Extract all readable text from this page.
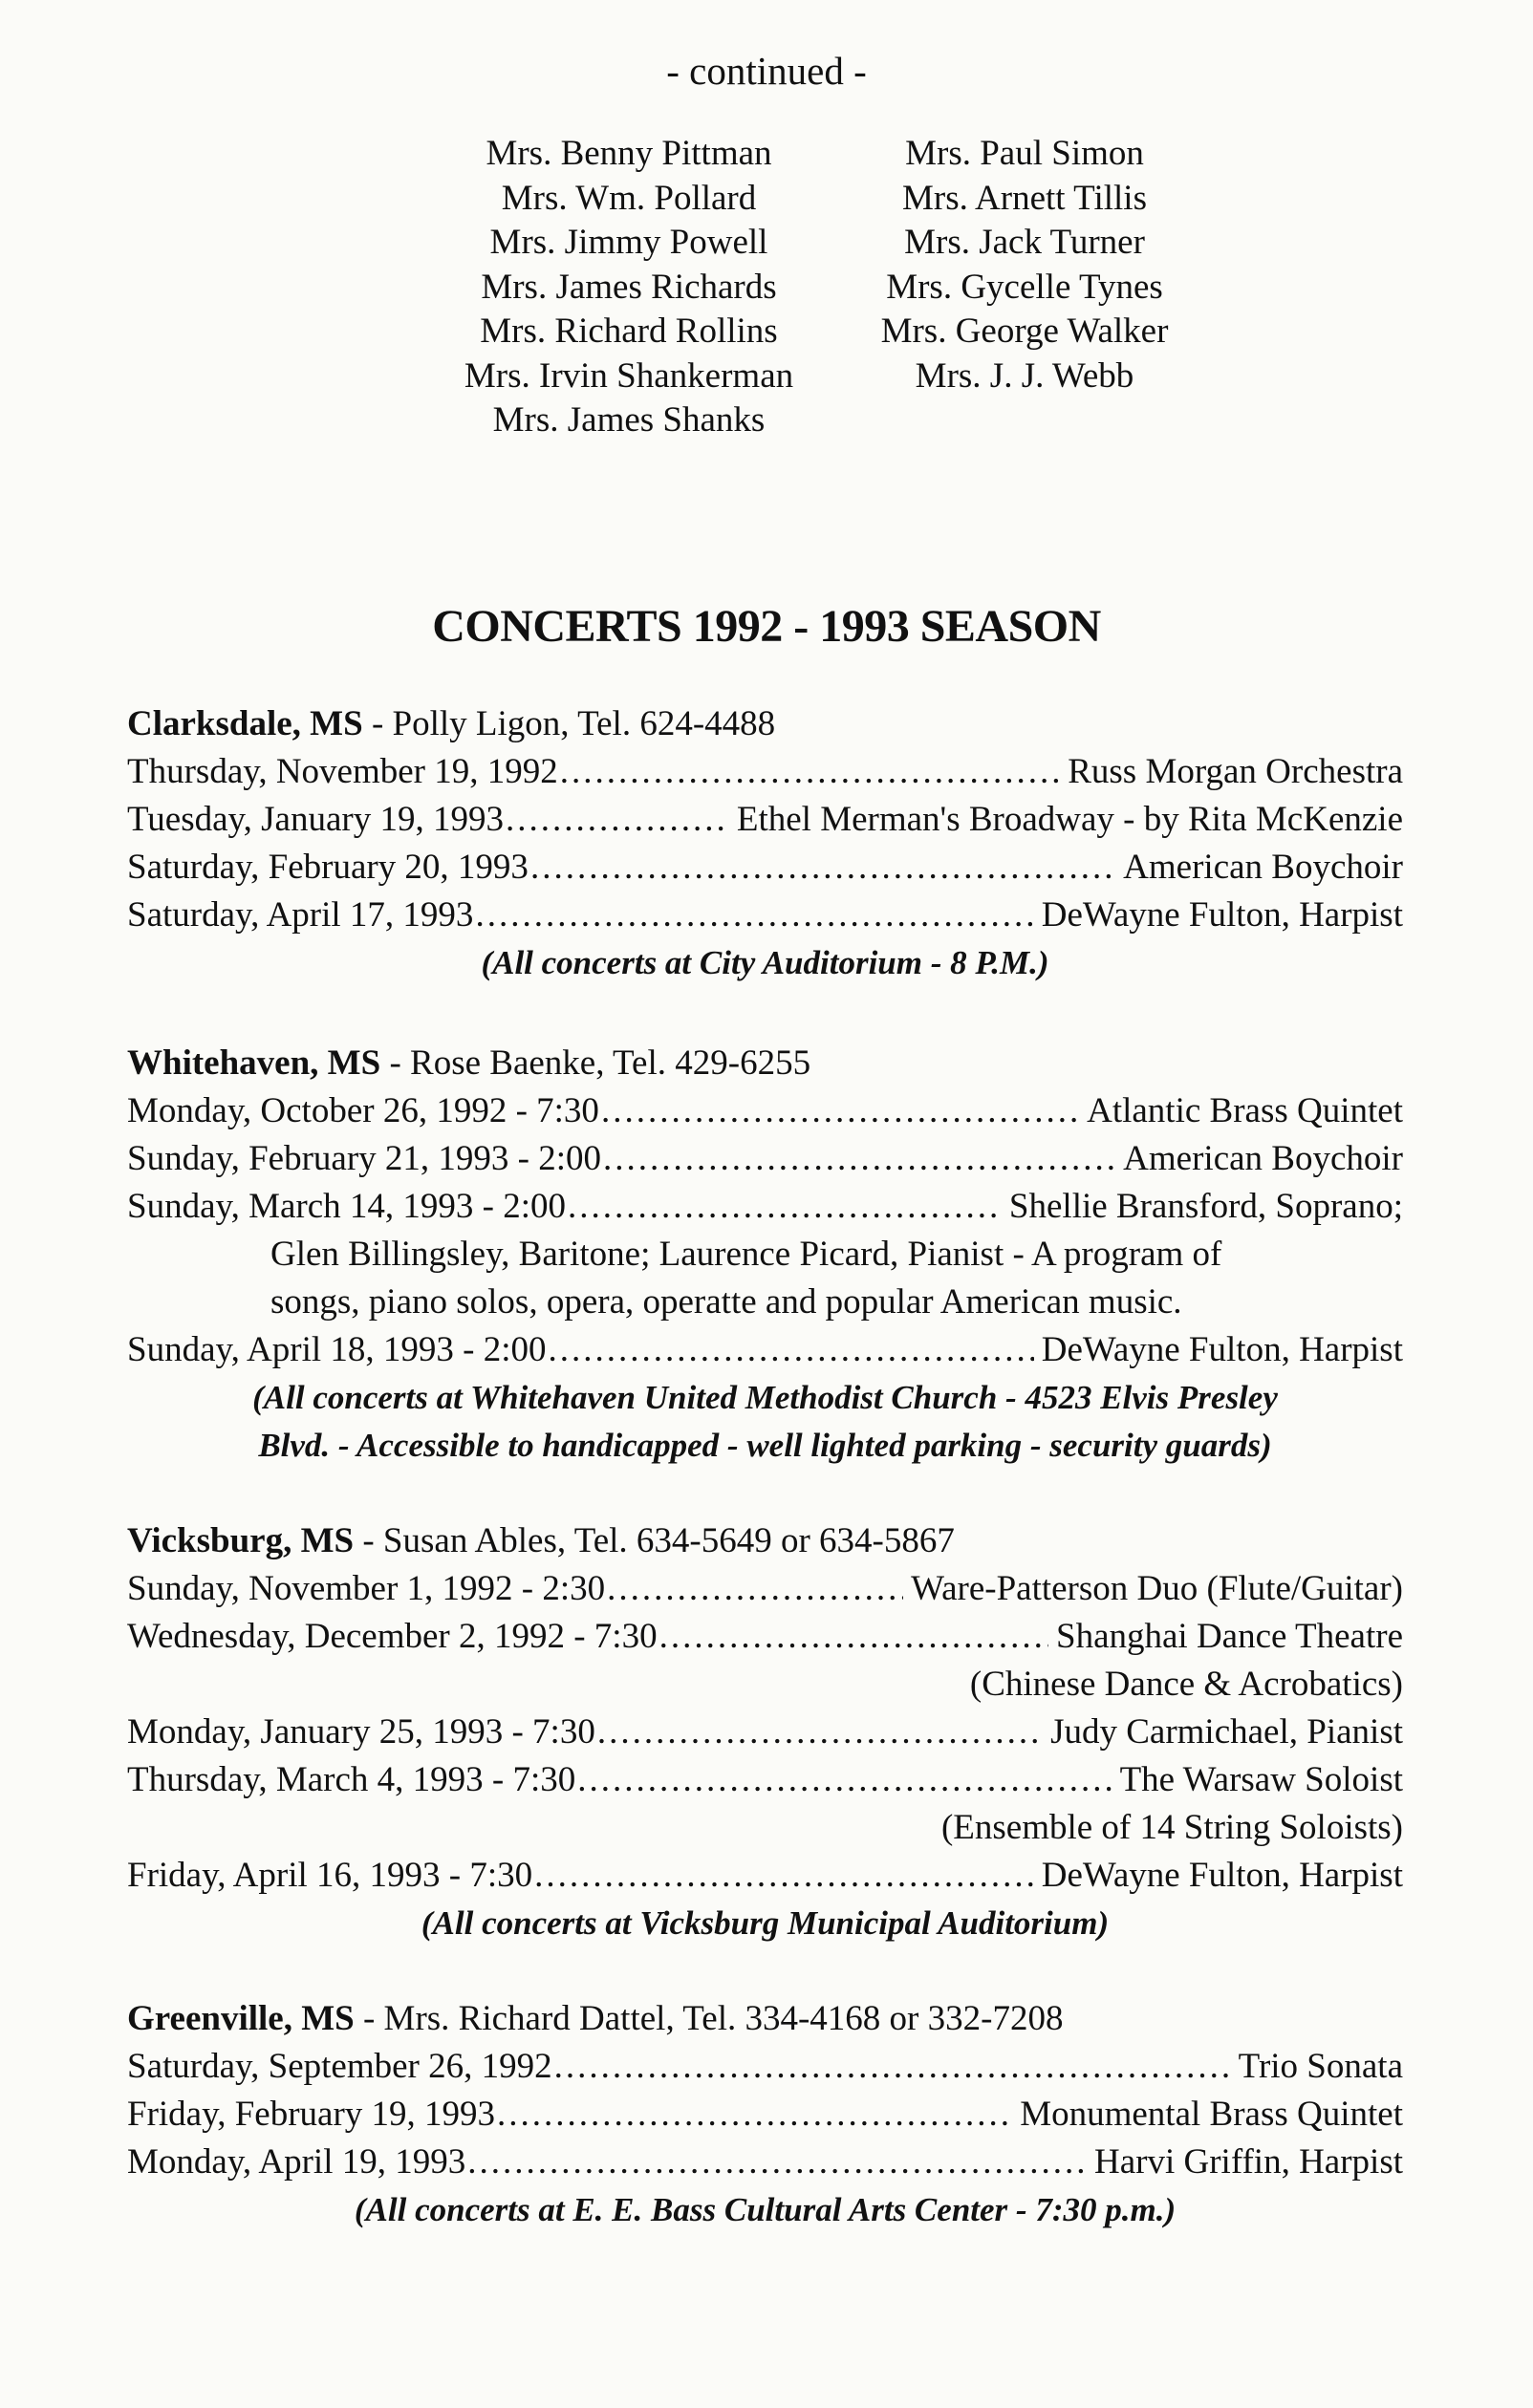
- continued -
Mrs. Benny Pittman
Mrs. Wm. Pollard
Mrs. Jimmy Powell
Mrs. James Richards
Mrs. Richard Rollins
Mrs. Irvin Shankerman
Mrs. James Shanks
Mrs. Paul Simon
Mrs. Arnett Tillis
Mrs. Jack Turner
Mrs. Gycelle Tynes
Mrs. George Walker
Mrs. J. J. Webb
CONCERTS 1992 - 1993 SEASON
Clarksdale, MS - Polly Ligon, Tel. 624-4488
Thursday, November 19, 1992 .....	Russ Morgan Orchestra
Tuesday, January 19, 1993 .....	Ethel Merman's Broadway - by Rita McKenzie
Saturday, February 20, 1993 .....	American Boychoir
Saturday, April 17, 1993 .....	DeWayne Fulton, Harpist
(All concerts at City Auditorium - 8 P.M.)
Whitehaven, MS - Rose Baenke, Tel. 429-6255
Monday, October 26, 1992 - 7:30 .....	Atlantic Brass Quintet
Sunday, February 21, 1993 - 2:00 .....	American Boychoir
Sunday, March 14, 1993 - 2:00 .....	Shellie Bransford, Soprano;
Glen Billingsley, Baritone; Laurence Picard, Pianist - A program of
songs, piano solos, opera, operatte and popular American music.
Sunday, April 18, 1993 - 2:00 .....	DeWayne Fulton, Harpist
(All concerts at Whitehaven United Methodist Church - 4523 Elvis Presley
Blvd. - Accessible to handicapped - well lighted parking - security guards)
Vicksburg, MS - Susan Ables, Tel. 634-5649 or 634-5867
Sunday, November 1, 1992 - 2:30 .....	Ware-Patterson Duo (Flute/Guitar)
Wednesday, December 2, 1992 - 7:30 .....	Shanghai Dance Theatre
(Chinese Dance & Acrobatics)
Monday, January 25, 1993 - 7:30 .....	Judy Carmichael, Pianist
Thursday, March 4, 1993 - 7:30 .....	The Warsaw Soloist
(Ensemble of 14 String Soloists)
Friday, April 16, 1993 - 7:30 .....	DeWayne Fulton, Harpist
(All concerts at Vicksburg Municipal Auditorium)
Greenville, MS - Mrs. Richard Dattel, Tel. 334-4168 or 332-7208
Saturday, September 26, 1992 .....	Trio Sonata
Friday, February 19, 1993 .....	Monumental Brass Quintet
Monday, April 19, 1993 .....	Harvi Griffin, Harpist
(All concerts at E. E. Bass Cultural Arts Center - 7:30 p.m.)
